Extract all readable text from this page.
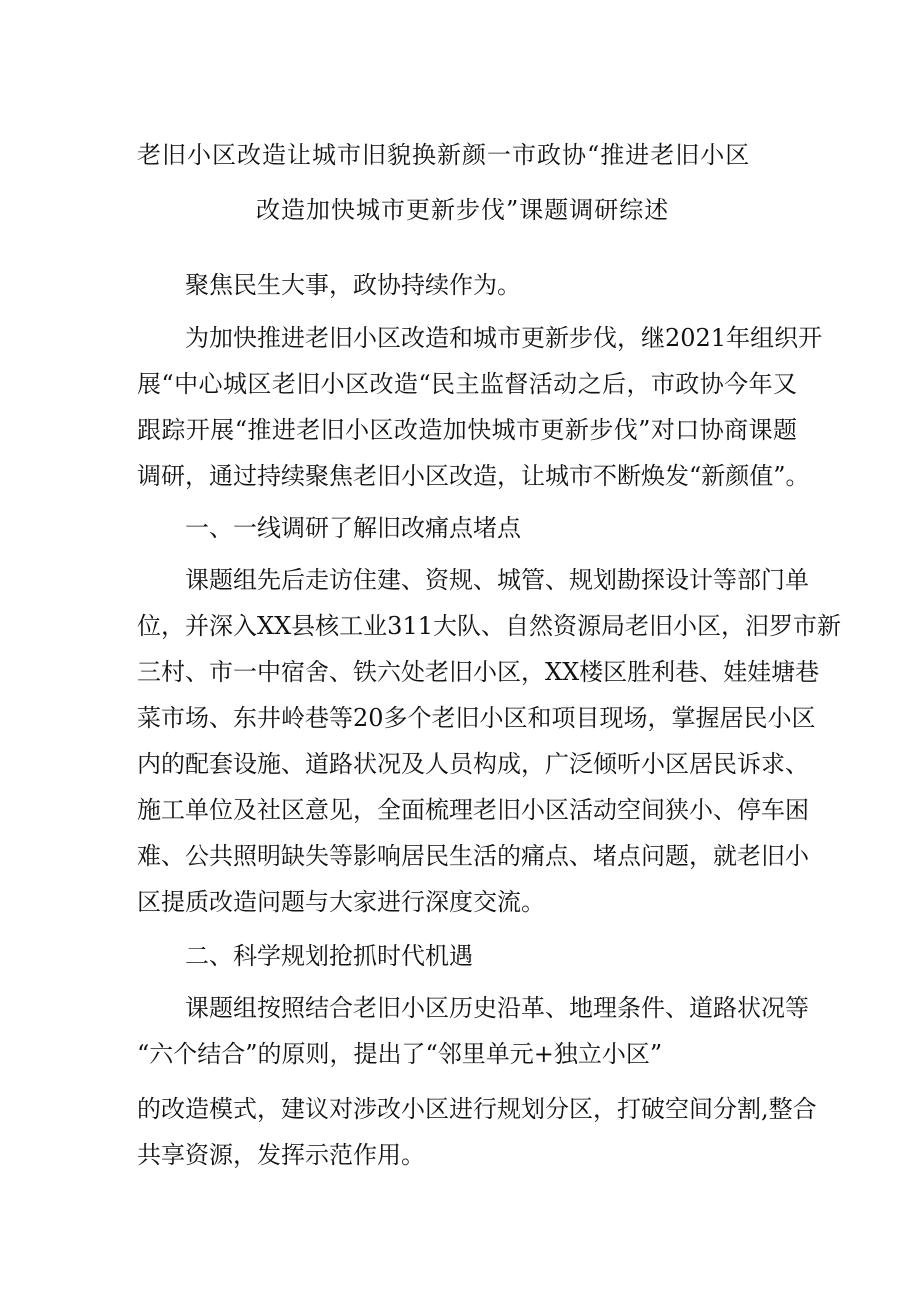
老旧小区改造让城市旧貌换新颜一市政协“推进老旧小区
改造加快城市更新步伐”课题调研综述
聚焦民生大事，政协持续作为。
为加快推进老旧小区改造和城市更新步伐，继2021年组织开
展“中心城区老旧小区改造“民主监督活动之后，市政协今年又
跟踪开展“推进老旧小区改造加快城市更新步伐”对口协商课题
调研，通过持续聚焦老旧小区改造，让城市不断焕发“新颜值”。
一、一线调研了解旧改痛点堵点
课题组先后走访住建、资规、城管、规划勘探设计等部门单
位，并深入XX县核工业311大队、自然资源局老旧小区，汨罗市新
三村、市一中宿舍、铁六处老旧小区，XX楼区胜利巷、娃娃塘巷
菜市场、东井岭巷等20多个老旧小区和项目现场，掌握居民小区
内的配套设施、道路状况及人员构成，广泛倾听小区居民诉求、
施工单位及社区意见，全面梳理老旧小区活动空间狭小、停车困
难、公共照明缺失等影响居民生活的痛点、堵点问题，就老旧小
区提质改造问题与大家进行深度交流。
二、科学规划抢抓时代机遇
课题组按照结合老旧小区历史沿革、地理条件、道路状况等
“六个结合”的原则，提出了“邻里单元+独立小区”
的改造模式，建议对涉改小区进行规划分区，打破空间分割,整合
共享资源，发挥示范作用。
